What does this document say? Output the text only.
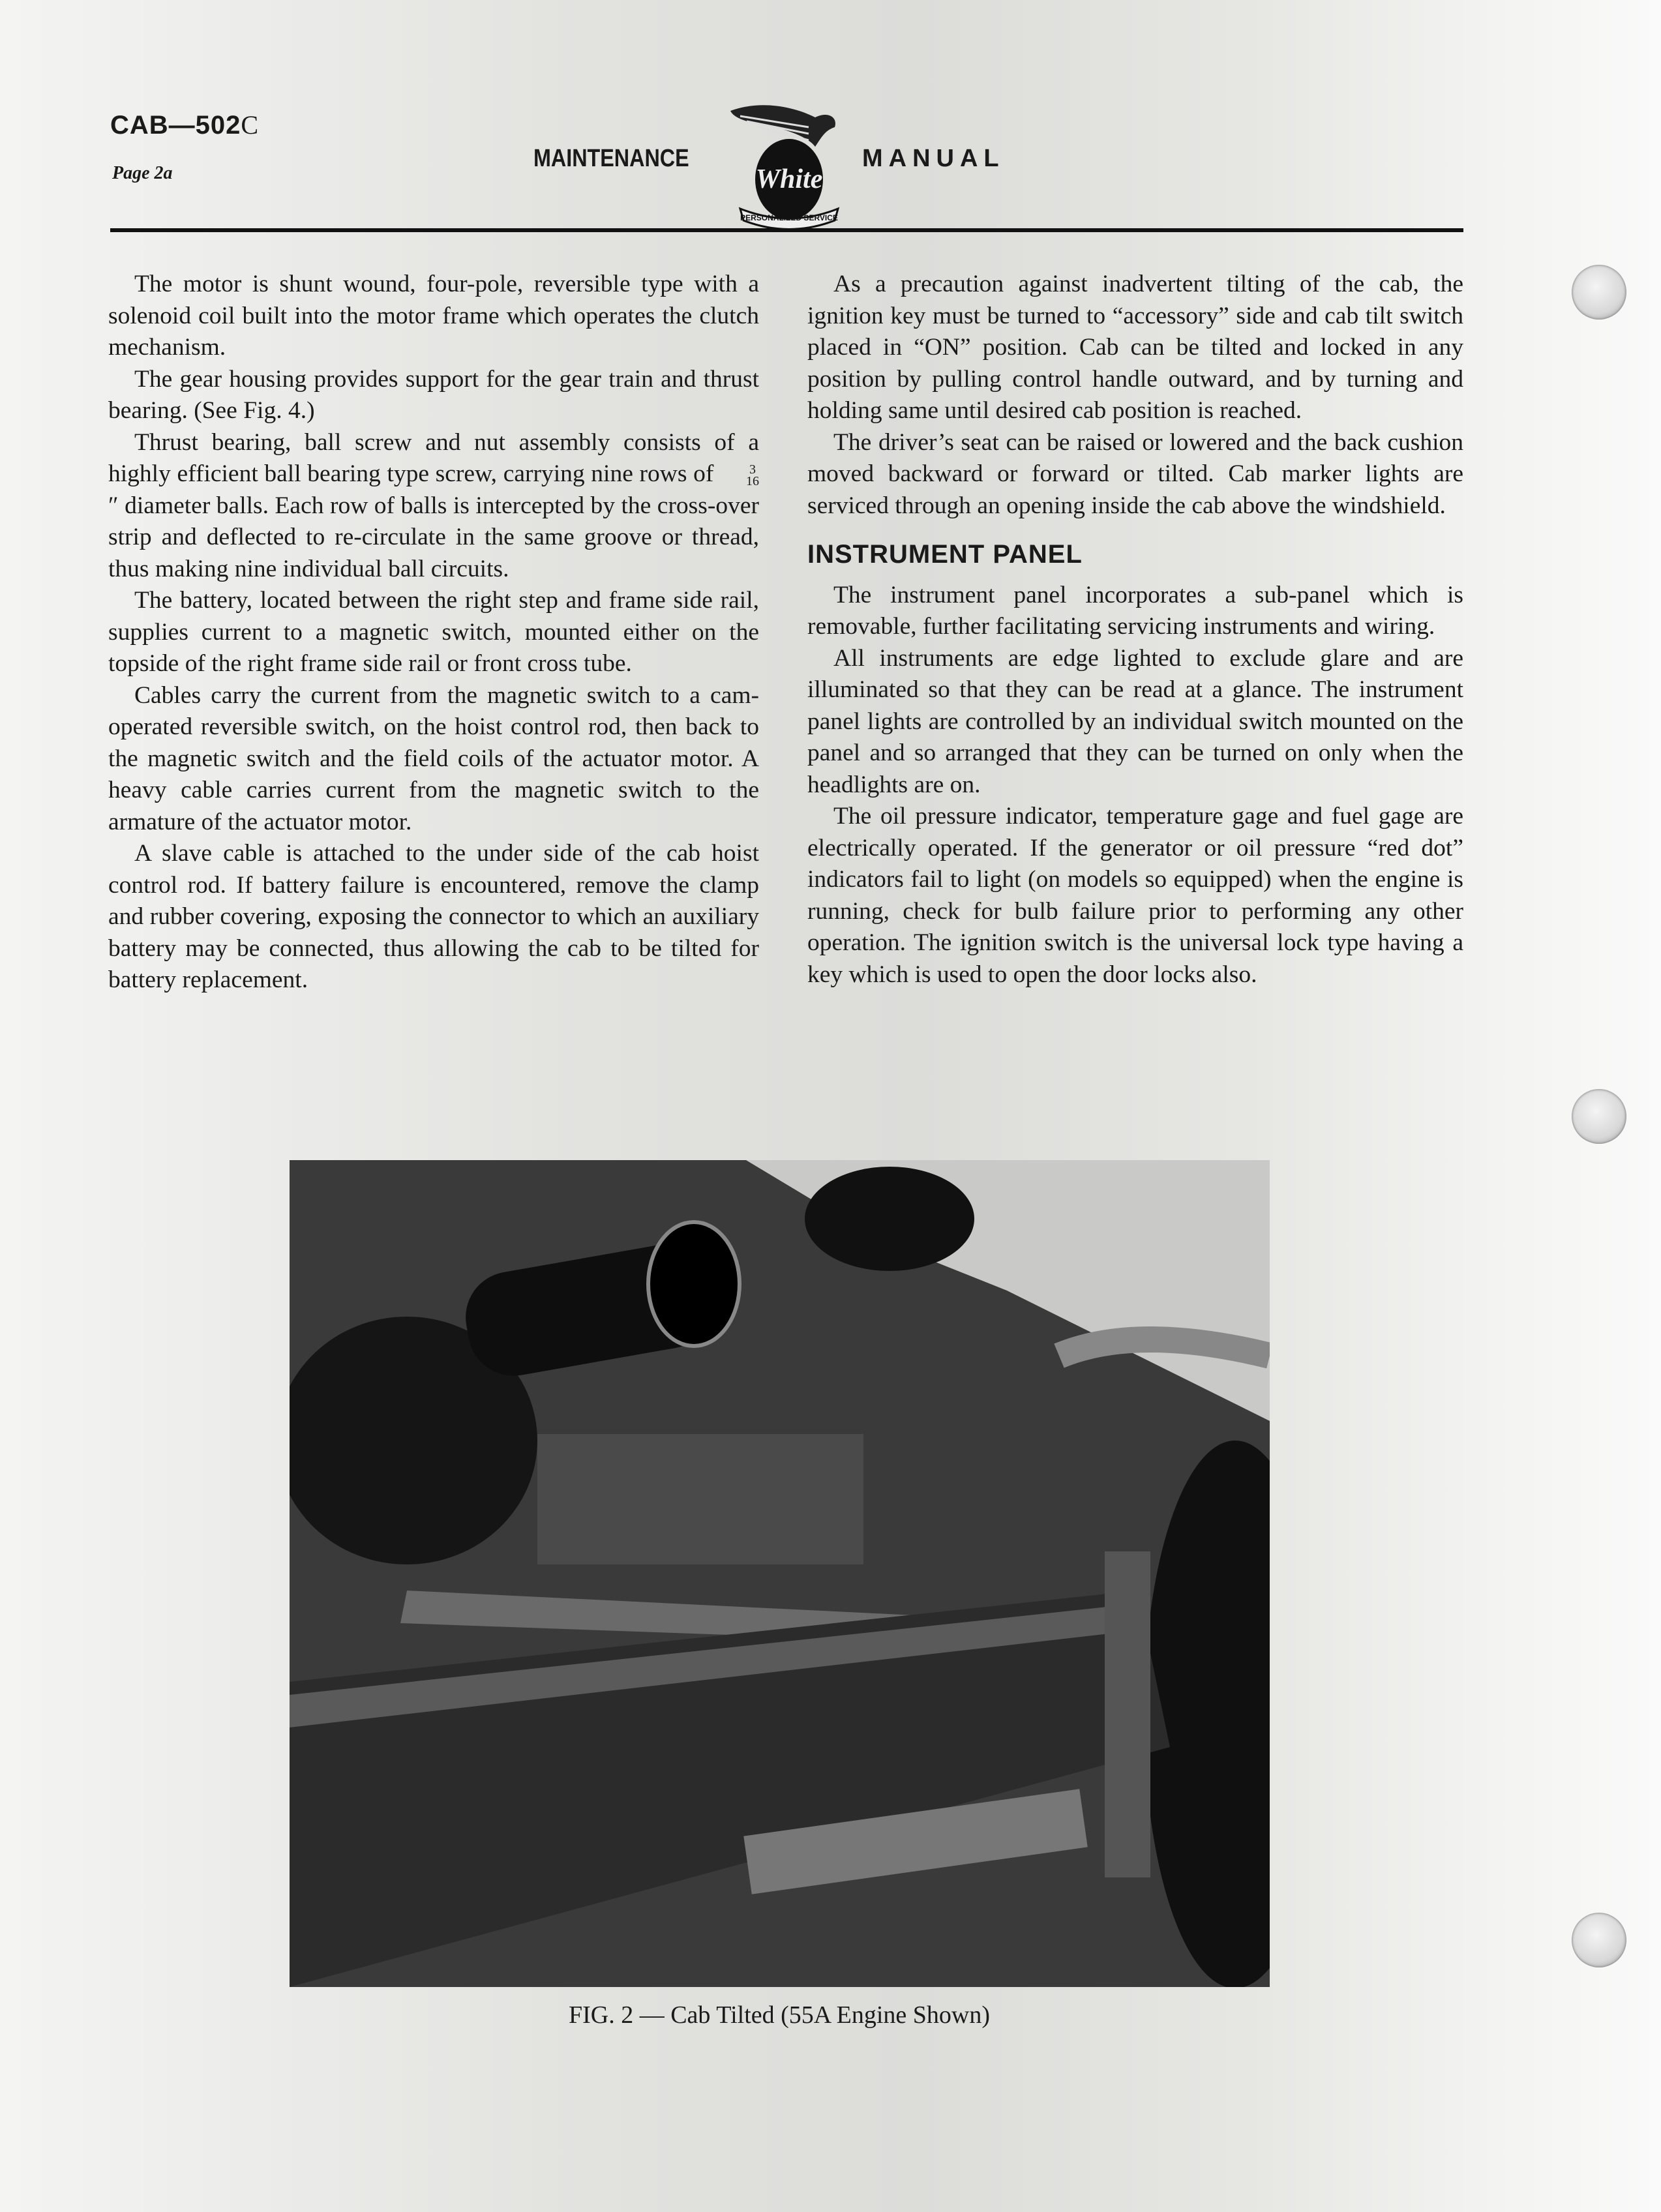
CAB—502C
Page 2a
MAINTENANCE
White
PERSONALIZED SERVICE
MANUAL

The motor is shunt wound, four-pole, reversible type with a solenoid coil built into the motor frame which operates the clutch mechanism.

The gear housing provides support for the gear train and thrust bearing. (See Fig. 4.)

Thrust bearing, ball screw and nut assembly consists of a highly efficient ball bearing type screw, carrying nine rows of	3
16
″ diameter balls. Each row of balls is intercepted by the cross-over strip and deflected to re-circulate in the same groove or thread, thus making nine individual ball circuits.

The battery, located between the right step and frame side rail, supplies current to a magnetic switch, mounted either on the topside of the right frame side rail or front cross tube.

Cables carry the current from the magnetic switch to a cam-operated reversible switch, on the hoist control rod, then back to the magnetic switch and the field coils of the actuator motor. A heavy cable carries current from the magnetic switch to the armature of the actuator motor.

A slave cable is attached to the under side of the cab hoist control rod. If battery failure is encountered, remove the clamp and rubber covering, exposing the connector to which an auxiliary battery may be connected, thus allowing the cab to be tilted for battery replacement.

As a precaution against inadvertent tilting of the cab, the ignition key must be turned to “accessory” side and cab tilt switch placed in “ON” position. Cab can be tilted and locked in any position by pulling control handle outward, and by turning and holding same until desired cab position is reached.

The driver’s seat can be raised or lowered and the back cushion moved backward or forward or tilted. Cab marker lights are serviced through an opening inside the cab above the windshield.

INSTRUMENT PANEL

The instrument panel incorporates a sub-panel which is removable, further facilitating servicing instruments and wiring.

All instruments are edge lighted to exclude glare and are illuminated so that they can be read at a glance. The instrument panel lights are controlled by an individual switch mounted on the panel and so arranged that they can be turned on only when the headlights are on.

The oil pressure indicator, temperature gage and fuel gage are electrically operated. If the generator or oil pressure “red dot” indicators fail to light (on models so equipped) when the engine is running, check for bulb failure prior to performing any other operation. The ignition switch is the universal lock type having a key which is used to open the door locks also.

FIG. 2 — Cab Tilted (55A Engine Shown)
